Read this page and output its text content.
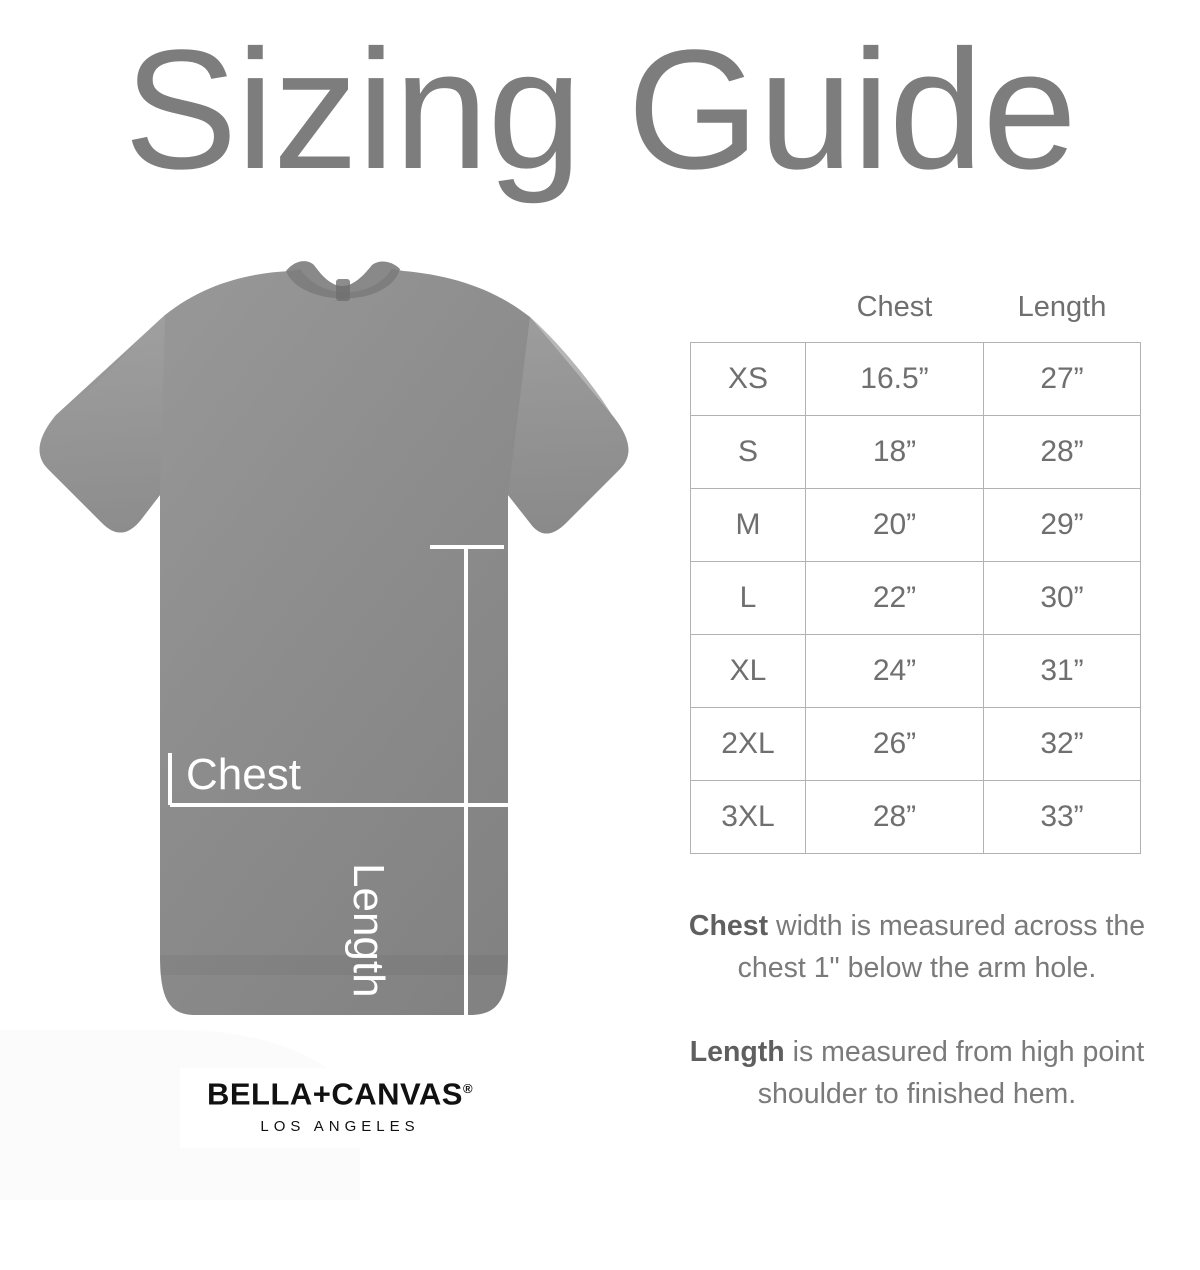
Sizing Guide
Chest
Length
BELLA+CANVAS®
LOS ANGELES
	Chest	Length
XS	16.5”	27”
S	18”	28”
M	20”	29”
L	22”	30”
XL	24”	31”
2XL	26”	32”
3XL	28”	33”
Chest width is measured across the chest 1" below the arm hole.
Length is measured from high point shoulder to finished hem.
